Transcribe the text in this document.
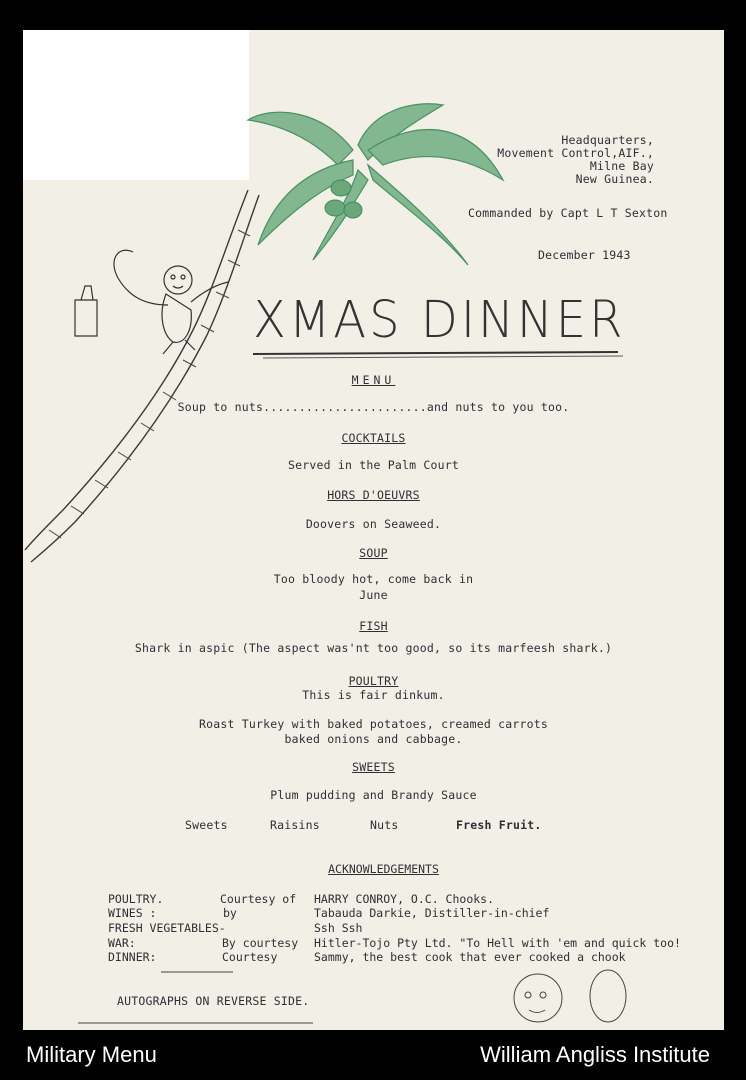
Headquarters,
Movement Control,AIF.,
Milne Bay
New Guinea.
Commanded by Capt L T Sexton
December 1943
XMAS DINNER
MENU
Soup to nuts.......................and nuts to you too.
COCKTAILS
Served in the Palm Court
HORS D'OEUVRS
Doovers on Seaweed.
SOUP
Too bloody hot, come back in
June
FISH
Shark in aspic (The aspect was'nt too good, so its marfeesh shark.)
POULTRY
This is fair dinkum.
Roast Turkey with baked potatoes, creamed carrots
baked onions and cabbage.
SWEETS
Plum pudding and Brandy Sauce
Sweets	Raisins	Nuts	Fresh Fruit.
ACKNOWLEDGEMENTS
POULTRY.	Courtesy of HARRY CONROY, O.C. Chooks.
WINES :	by	Tabauda Darkie, Distiller-in-chief
FRESH VEGETABLES-	Ssh Ssh
WAR:	By courtesy Hitler-Tojo Pty Ltd. "To Hell with 'em and quick too!
DINNER:	Courtesy	Sammy, the best cook that ever cooked a chook
AUTOGRAPHS ON REVERSE SIDE.
Military Menu	William Angliss Institute
